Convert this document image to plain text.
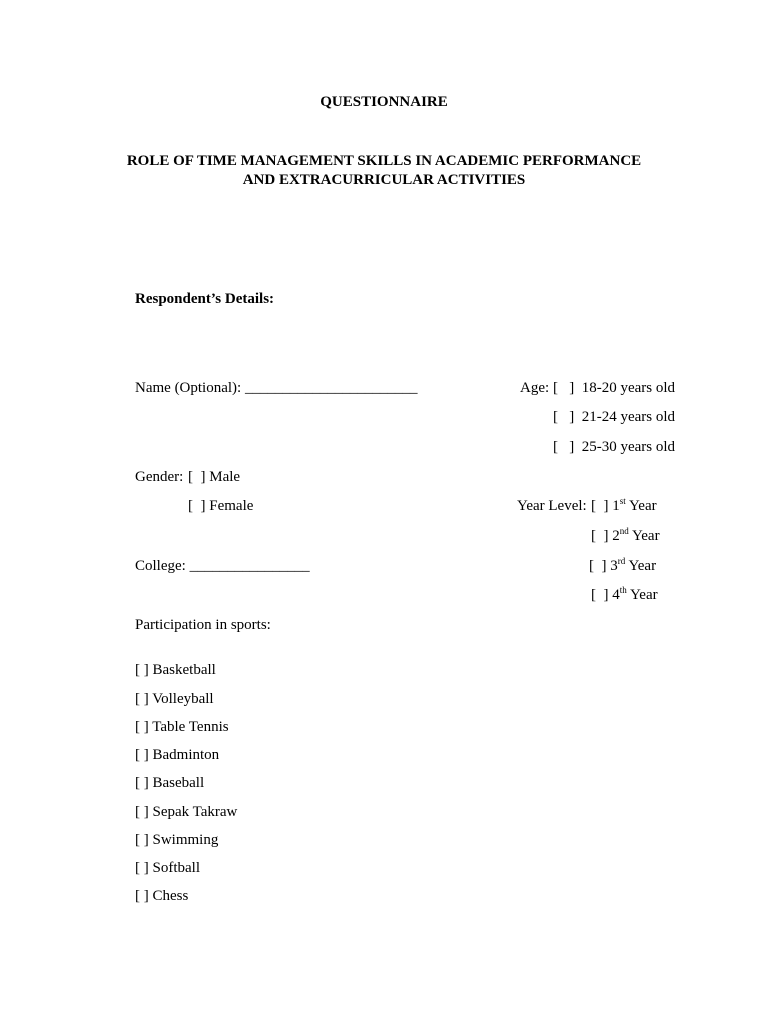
QUESTIONNAIRE
ROLE OF TIME MANAGEMENT SKILLS IN ACADEMIC PERFORMANCE
AND EXTRACURRICULAR ACTIVITIES
Respondent’s Details:
Name (Optional): _______________________	Age: [   ]  18-20 years old
[   ]  21-24 years old
[   ]  25-30 years old
Gender: [  ] Male
[  ] Female	Year Level: [  ] 1st Year
[  ] 2nd Year
[  ] 3rd Year
[  ] 4th Year
College: ________________
Participation in sports:
[ ] Basketball
[ ] Volleyball
[ ] Table Tennis
[ ] Badminton
[ ] Baseball
[ ] Sepak Takraw
[ ] Swimming
[ ] Softball
[ ] Chess
